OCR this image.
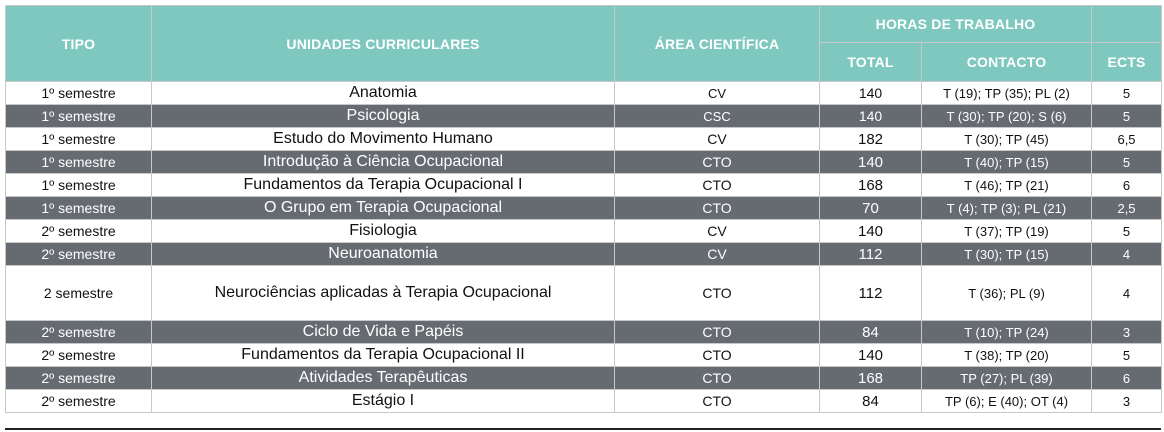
TIPO	UNIDADES CURRICULARES	ÁREA CIENTÍFICA	HORAS DE TRABALHO		
			TOTAL	CONTACTO	ECTS
1º semestre	Anatomia	CV	140	T (19); TP (35); PL (2)	5
1º semestre	Psicologia	CSC	140	T (30); TP (20); S (6)	5
1º semestre	Estudo do Movimento Humano	CV	182	T (30); TP (45)	6,5
1º semestre	Introdução à Ciência Ocupacional	CTO	140	T (40); TP (15)	5
1º semestre	Fundamentos da Terapia Ocupacional I	CTO	168	T (46); TP (21)	6
1º semestre	O Grupo em Terapia Ocupacional	CTO	70	T (4); TP (3); PL (21)	2,5
2º semestre	Fisiologia	CV	140	T (37); TP (19)	5
2º semestre	Neuroanatomia	CV	112	T (30); TP (15)	4
2 semestre	Neurociências aplicadas à Terapia Ocupacional	CTO	112	T (36); PL (9)	4
2º semestre	Ciclo de Vida e Papéis	CTO	84	T (10); TP (24)	3
2º semestre	Fundamentos da Terapia Ocupacional II	CTO	140	T (38); TP (20)	5
2º semestre	Atividades Terapêuticas	CTO	168	TP (27); PL (39)	6
2º semestre	Estágio I	CTO	84	TP (6); E (40); OT (4)	3
